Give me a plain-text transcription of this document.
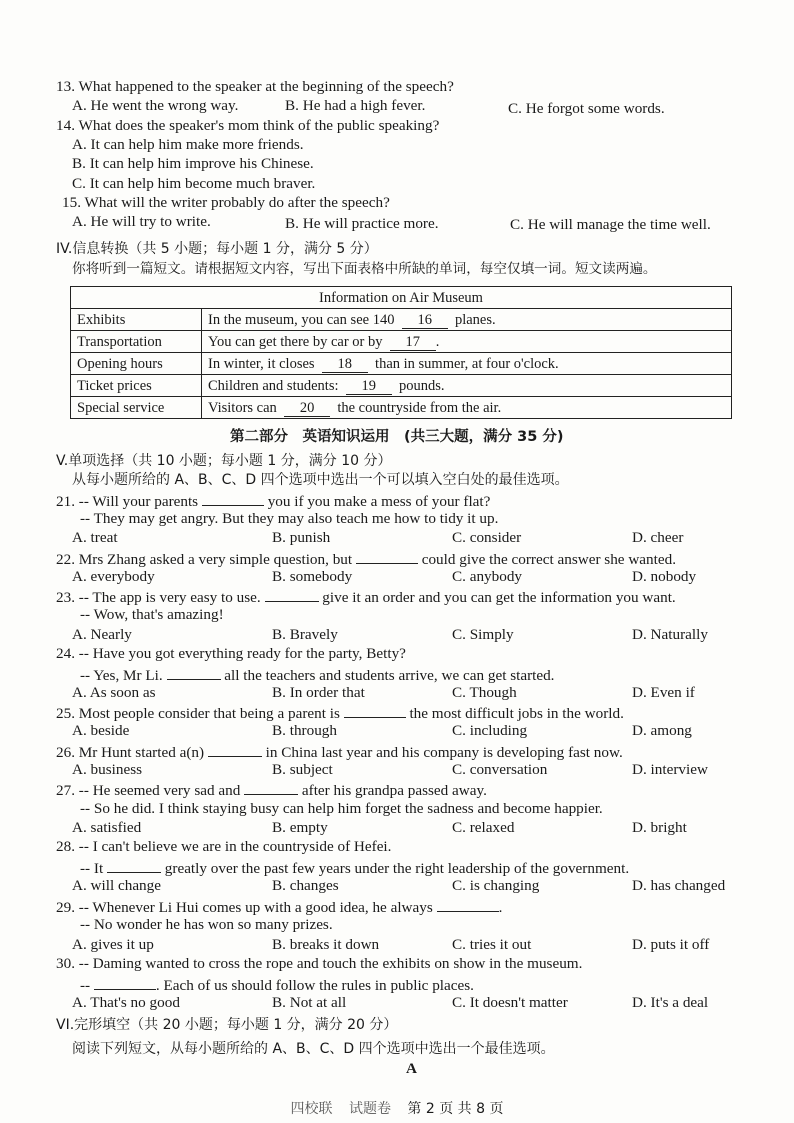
13. What happened to the speaker at the beginning of the speech?
A. He went the wrong way.	B. He had a high fever.	C. He forgot some words.
14. What does the speaker's mom think of the public speaking?
A. It can help him make more friends.
B. It can help him improve his Chinese.
C. It can help him become much braver.
15. What will the writer probably do after the speech?
A. He will try to write.	B. He will practice more.	C. He will manage the time well.
IV.信息转换（共 5 小题；每小题 1 分，满分 5 分）
你将听到一篇短文。请根据短文内容，写出下面表格中所缺的单词，每空仅填一词。短文读两遍。
Information on Air Museum	
Exhibits	In the museum, you can see 140 16 planes.
Transportation	You can get there by car or by 17 .
Opening hours	In winter, it closes 18 than in summer, at four o'clock.
Ticket prices	Children and students: 19 pounds.
Special service	Visitors can 20 the countryside from the air.
第二部分　英语知识运用　(共三大题，满分 35 分)
V.单项选择（共 10 小题；每小题 1 分，满分 10 分）
从每小题所给的 A、B、C、D 四个选项中选出一个可以填入空白处的最佳选项。
21. -- Will your parents	you if you make a mess of your flat?
-- They may get angry. But they may also teach me how to tidy it up.
A. treat	B. punish	C. consider	D. cheer
22. Mrs Zhang asked a very simple question, but	could give the correct answer she wanted.
A. everybody	B. somebody	C. anybody	D. nobody
23. -- The app is very easy to use.	give it an order and you can get the information you want.
-- Wow, that's amazing!
A. Nearly	B. Bravely	C. Simply	D. Naturally
24. -- Have you got everything ready for the party, Betty?
-- Yes, Mr Li.	all the teachers and students arrive, we can get started.
A. As soon as	B. In order that	C. Though	D. Even if
25. Most people consider that being a parent is	the most difficult jobs in the world.
A. beside	B. through	C. including	D. among
26. Mr Hunt started a(n)	in China last year and his company is developing fast now.
A. business	B. subject	C. conversation	D. interview
27. -- He seemed very sad and	after his grandpa passed away.
-- So he did. I think staying busy can help him forget the sadness and become happier.
A. satisfied	B. empty	C. relaxed	D. bright
28. -- I can't believe we are in the countryside of Hefei.
-- It	greatly over the past few years under the right leadership of the government.
A. will change	B. changes	C. is changing	D. has changed
29. -- Whenever Li Hui comes up with a good idea, he always	.
-- No wonder he has won so many prizes.
A. gives it up	B. breaks it down	C. tries it out	D. puts it off
30. -- Daming wanted to cross the rope and touch the exhibits on show in the museum.
--	. Each of us should follow the rules in public places.
A. That's no good	B. Not at all	C. It doesn't matter	D. It's a deal
VI.完形填空（共 20 小题；每小题 1 分，满分 20 分）
阅读下列短文，从每小题所给的 A、B、C、D 四个选项中选出一个最佳选项。
A
四校联 试题卷 第 2 页 共 8 页
